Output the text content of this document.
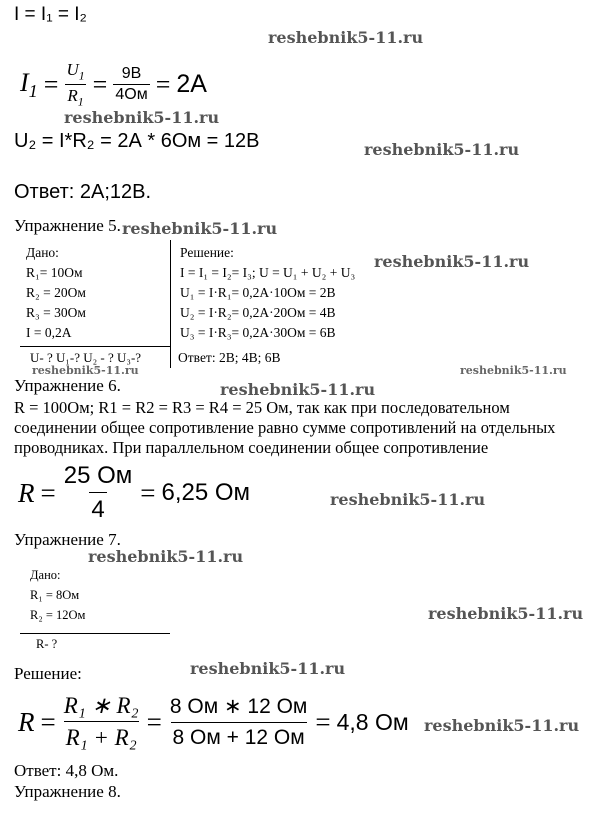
I = I₁ = I₂
$I_1 = \frac{U_1}{R_1} = \frac{9В}{4Ом} = 2А$
U₂ = I*R₂ = 2А * 6Ом = 12В
Ответ: 2А;12В.
Упражнение 5.
Дано:
R₁= 10Ом
R₂ = 20Ом
R₃ = 30Ом
I = 0,2А
U- ? U₁-? U₂ - ? U₃-?
Решение:
I = I₁ = I₂= I₃; U = U₁ + U₂ + U₃
U₁ = I·R₁= 0,2А·10Ом = 2В
U₂ = I·R₂= 0,2А·20Ом = 4В
U₃ = I·R₃= 0,2А·30Ом = 6В
Ответ: 2В; 4В; 6В
Упражнение 6.
R = 100Ом; R1 = R2 = R3 = R4 = 25 Ом, так как при последовательном
соединении общее сопротивление равно сумме сопротивлений на отдельных
проводниках. При параллельном соединении общее сопротивление
$R = \frac{25 Ом}{4} = 6,25$ Ом
Упражнение 7.
Дано:
R₁ = 8Ом
R₂ = 12Ом
R- ?
Решение:
$R = \frac{\text{R₁ ∗ R₂}}{\text{R₁ + R₂}} = \frac{8 Ом ∗ 12 Ом}{8 Ом + 12 Ом} = 4,8$ Ом
Ответ: 4,8 Ом.
Упражнение 8.
reshebnik5-11.ru
reshebnik5-11.ru
reshebnik5-11.ru
reshebnik5-11.ru
reshebnik5-11.ru
reshebnik5-11.ru	reshebnik5-11.ru
reshebnik5-11.ru
reshebnik5-11.ru
reshebnik5-11.ru
reshebnik5-11.ru
reshebnik5-11.ru
reshebnik5-11.ru
